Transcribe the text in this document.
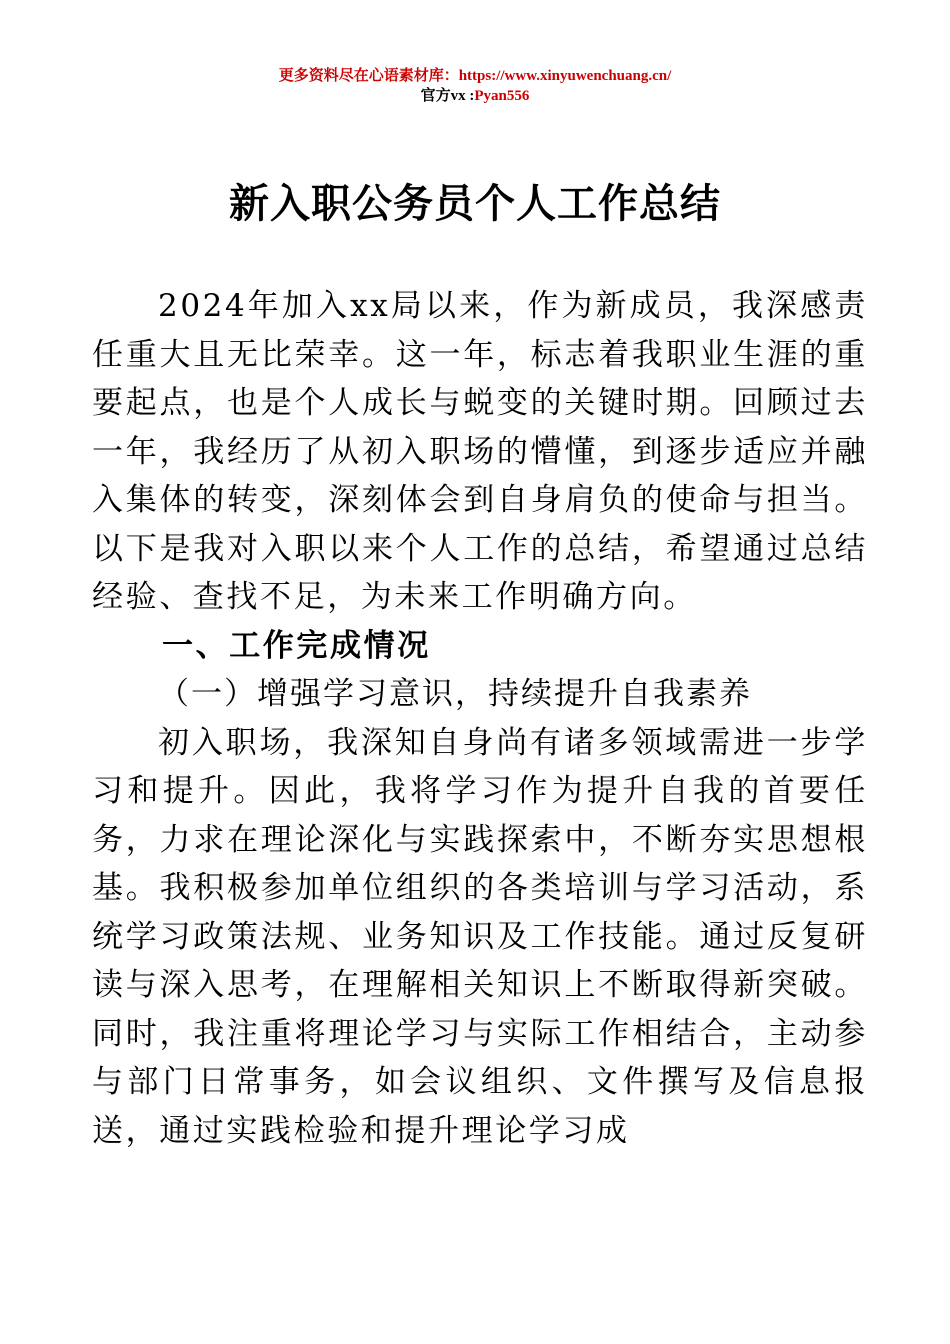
更多资料尽在心语素材库：https://www.xinyuwenchuang.cn/
官方vx :Pyan556
新入职公务员个人工作总结

2024年加入xx局以来，作为新成员，我深感责任重大且无比荣幸。这一年，标志着我职业生涯的重要起点，也是个人成长与蜕变的关键时期。回顾过去一年，我经历了从初入职场的懵懂，到逐步适应并融入集体的转变，深刻体会到自身肩负的使命与担当。以下是我对入职以来个人工作的总结，希望通过总结经验、查找不足，为未来工作明确方向。

一、工作完成情况
（一）增强学习意识，持续提升自我素养

初入职场，我深知自身尚有诸多领域需进一步学习和提升。因此，我将学习作为提升自我的首要任务，力求在理论深化与实践探索中，不断夯实思想根基。我积极参加单位组织的各类培训与学习活动，系统学习政策法规、业务知识及工作技能。通过反复研读与深入思考，在理解相关知识上不断取得新突破。同时，我注重将理论学习与实际工作相结合，主动参与部门日常事务，如会议组织、文件撰写及信息报送，通过实践检验和提升理论学习成
